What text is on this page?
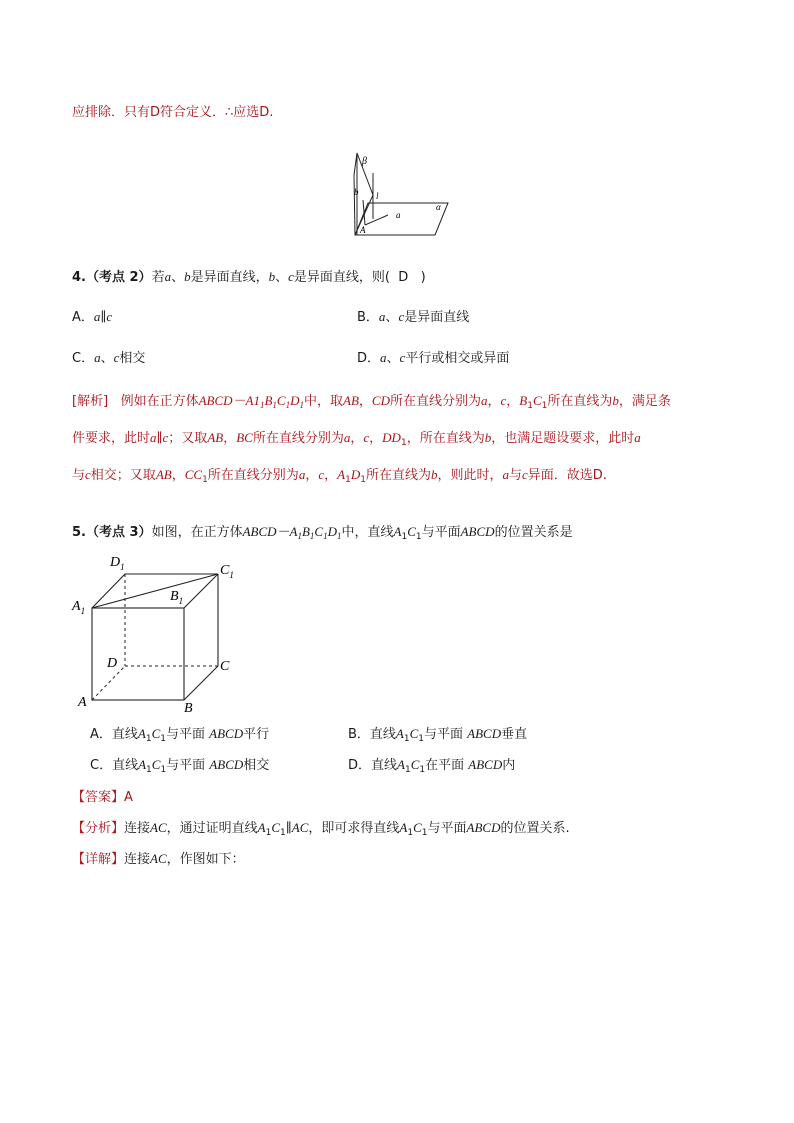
应排除．只有D符合定义．∴应选D.
β
b l
a
α
A
4.（考点 2）若a、b是异面直线，b、c是异面直线，则( D )
A．a∥c	B．a、c是异面直线
C．a、c相交	D．a、c平行或相交或异面
[解析] 例如在正方体$ABCD-A1_1B_1C_1D_1$中，取AB，CD所在直线分别为a，c，$B_1C_1$所在直线为b，满足条
件要求，此时a∥c；又取AB，BC所在直线分别为a，c，$DD_1$，所在直线为b，也满足题设要求，此时a
与c相交；又取AB，$CC_1$所在直线分别为a，c，$A_1D_1$所在直线为b，则此时，a与c异面．故选D.
5.（考点 3）如图，在正方体$ABCD-A_1B_1C_1D_1$中，直线$A_1C_1$与平面ABCD的位置关系是
$D_1$	$C_1$
$A_1$
$B_1$
D	C
A	B
A．直线$A_1C_1$与平面 ABCD平行	B．直线$A_1C_1$与平面 ABCD垂直
C．直线$A_1C_1$与平面 ABCD相交	D．直线$A_1C_1$在平面 ABCD内
【答案】A
【分析】连接AC，通过证明直线$A_1C_1\parallel AC$，即可求得直线$A_1C_1$与平面ABCD的位置关系.
【详解】连接AC，作图如下：
